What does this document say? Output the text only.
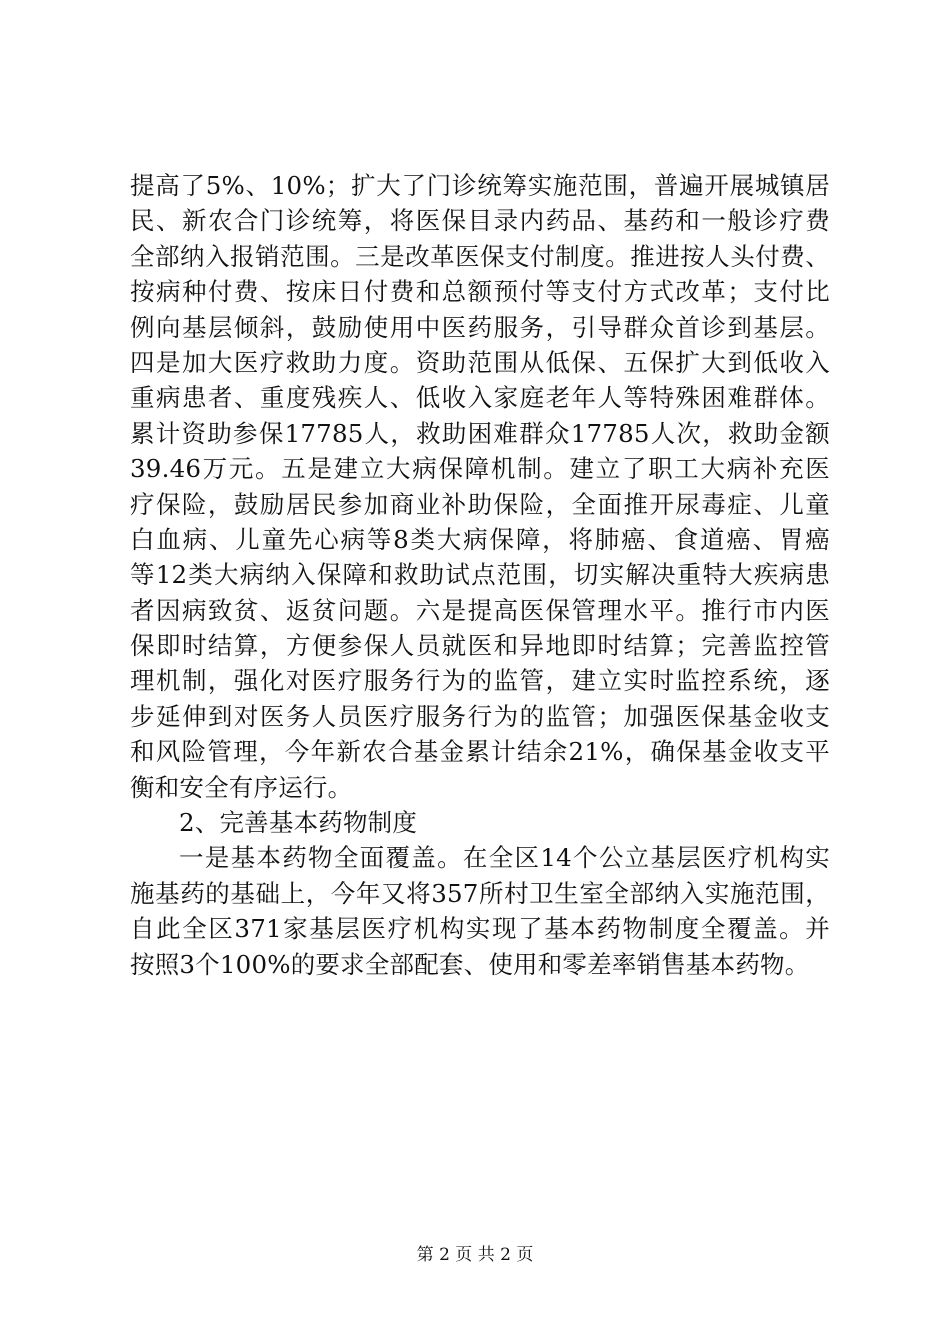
提高了5%、10%；扩大了门诊统筹实施范围，普遍开展城镇居
民、新农合门诊统筹，将医保目录内药品、基药和一般诊疗费
全部纳入报销范围。三是改革医保支付制度。推进按人头付费、
按病种付费、按床日付费和总额预付等支付方式改革；支付比
例向基层倾斜，鼓励使用中医药服务，引导群众首诊到基层。
四是加大医疗救助力度。资助范围从低保、五保扩大到低收入
重病患者、重度残疾人、低收入家庭老年人等特殊困难群体。
累计资助参保17785人，救助困难群众17785人次，救助金额
39.46万元。五是建立大病保障机制。建立了职工大病补充医
疗保险，鼓励居民参加商业补助保险，全面推开尿毒症、儿童
白血病、儿童先心病等8类大病保障，将肺癌、食道癌、胃癌
等12类大病纳入保障和救助试点范围，切实解决重特大疾病患
者因病致贫、返贫问题。六是提高医保管理水平。推行市内医
保即时结算，方便参保人员就医和异地即时结算；完善监控管
理机制，强化对医疗服务行为的监管，建立实时监控系统，逐
步延伸到对医务人员医疗服务行为的监管；加强医保基金收支
和风险管理，今年新农合基金累计结余21%，确保基金收支平
衡和安全有序运行。
2、完善基本药物制度
一是基本药物全面覆盖。在全区14个公立基层医疗机构实
施基药的基础上，今年又将357所村卫生室全部纳入实施范围，
自此全区371家基层医疗机构实现了基本药物制度全覆盖。并
按照3个100%的要求全部配套、使用和零差率销售基本药物。
第 2 页 共 2 页
